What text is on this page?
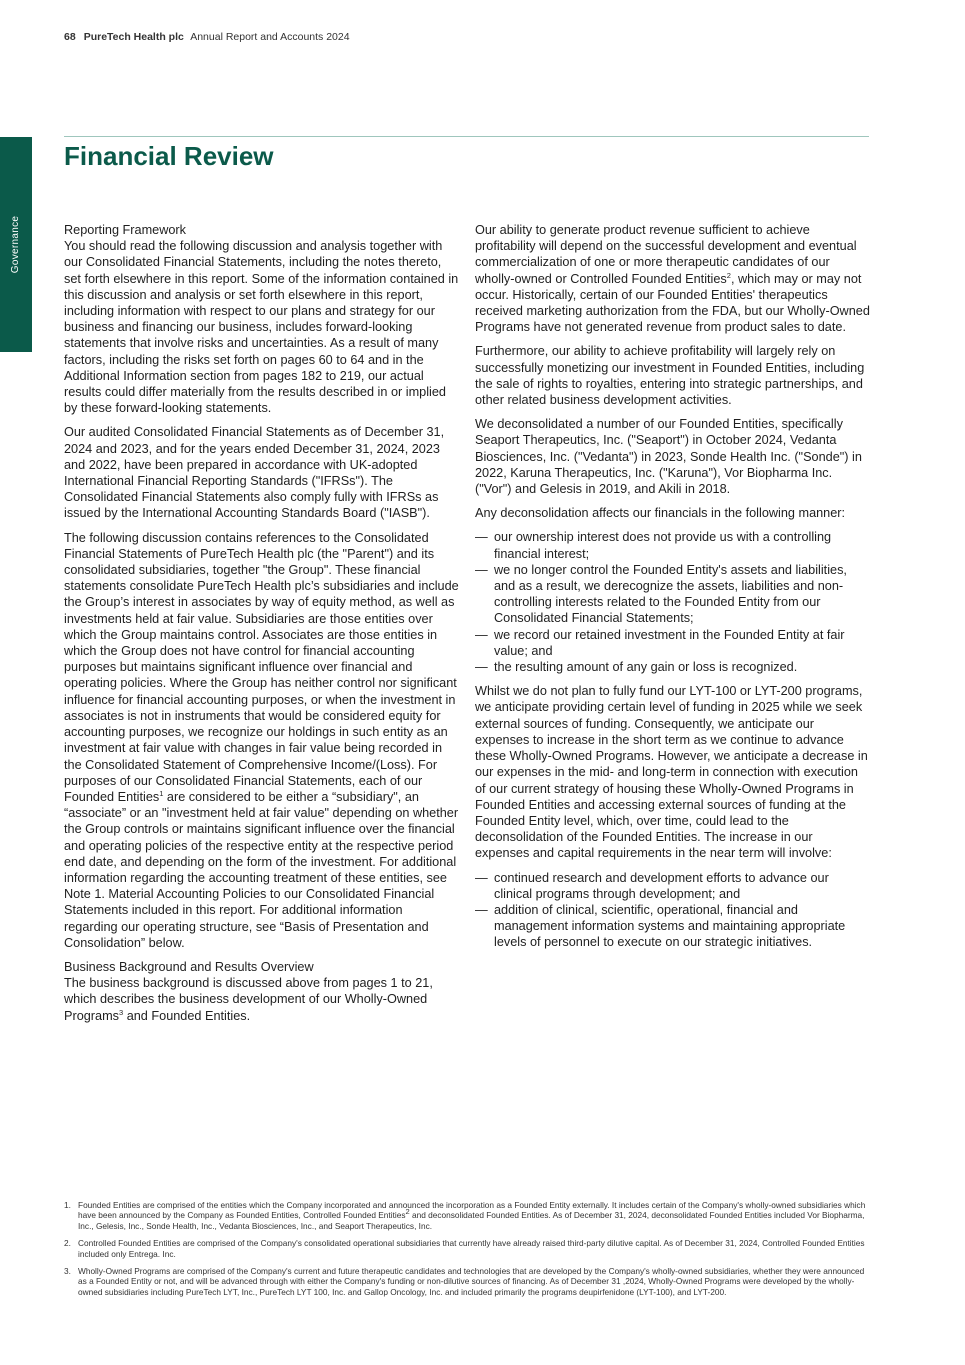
68 PureTech Health plc Annual Report and Accounts 2024
Governance
Financial Review
Reporting Framework

You should read the following discussion and analysis together with our Consolidated Financial Statements, including the notes thereto, set forth elsewhere in this report. Some of the information contained in this discussion and analysis or set forth elsewhere in this report, including information with respect to our plans and strategy for our business and financing our business, includes forward-looking statements that involve risks and uncertainties. As a result of many factors, including the risks set forth on pages 60 to 64 and in the Additional Information section from pages 182 to 219, our actual results could differ materially from the results described in or implied by these forward-looking statements.

Our audited Consolidated Financial Statements as of December 31, 2024 and 2023, and for the years ended December 31, 2024, 2023 and 2022, have been prepared in accordance with UK-adopted International Financial Reporting Standards ("IFRSs"). The Consolidated Financial Statements also comply fully with IFRSs as issued by the International Accounting Standards Board ("IASB").

The following discussion contains references to the Consolidated Financial Statements of PureTech Health plc (the "Parent") and its consolidated subsidiaries, together "the Group". These financial statements consolidate PureTech Health plc’s subsidiaries and include the Group’s interest in associates by way of equity method, as well as investments held at fair value. Subsidiaries are those entities over which the Group maintains control. Associates are those entities in which the Group does not have control for financial accounting purposes but maintains significant influence over financial and operating policies. Where the Group has neither control nor significant influence for financial accounting purposes, or when the investment in associates is not in instruments that would be considered equity for accounting purposes, we recognize our holdings in such entity as an investment at fair value with changes in fair value being recorded in the Consolidated Statement of Comprehensive Income/(Loss). For purposes of our Consolidated Financial Statements, each of our Founded Entities$^1$ are considered to be either a “subsidiary", an “associate” or an "investment held at fair value" depending on whether the Group controls or maintains significant influence over the financial and operating policies of the respective entity at the respective period end date, and depending on the form of the investment. For additional information regarding the accounting treatment of these entities, see Note 1. Material Accounting Policies to our Consolidated Financial Statements included in this report. For additional information regarding our operating structure, see “Basis of Presentation and Consolidation” below.

Business Background and Results Overview

The business background is discussed above from pages 1 to 21, which describes the business development of our Wholly-Owned Programs$^3$ and Founded Entities.

Our ability to generate product revenue sufficient to achieve profitability will depend on the successful development and eventual commercialization of one or more therapeutic candidates of our wholly-owned or Controlled Founded Entities$^2$, which may or may not occur. Historically, certain of our Founded Entities' therapeutics received marketing authorization from the FDA, but our Wholly-Owned Programs have not generated revenue from product sales to date.

Furthermore, our ability to achieve profitability will largely rely on successfully monetizing our investment in Founded Entities, including the sale of rights to royalties, entering into strategic partnerships, and other related business development activities.

We deconsolidated a number of our Founded Entities, specifically Seaport Therapeutics, Inc. ("Seaport") in October 2024, Vedanta Biosciences, Inc. ("Vedanta") in 2023, Sonde Health Inc. ("Sonde") in 2022, Karuna Therapeutics, Inc. ("Karuna"), Vor Biopharma Inc. ("Vor") and Gelesis in 2019, and Akili in 2018.

Any deconsolidation affects our financials in the following manner:

— our ownership interest does not provide us with a controlling financial interest;
— we no longer control the Founded Entity's assets and liabilities, and as a result, we derecognize the assets, liabilities and non-controlling interests related to the Founded Entity from our Consolidated Financial Statements;
— we record our retained investment in the Founded Entity at fair value; and
— the resulting amount of any gain or loss is recognized.

Whilst we do not plan to fully fund our LYT-100 or LYT-200 programs, we anticipate providing certain level of funding in 2025 while we seek external sources of funding. Consequently, we anticipate our expenses to increase in the short term as we continue to advance these Wholly-Owned Programs. However, we anticipate a decrease in our expenses in the mid- and long-term in connection with execution of our current strategy of housing these Wholly-Owned Programs in Founded Entities and accessing external sources of funding at the Founded Entity level, which, over time, could lead to the deconsolidation of the Founded Entities. The increase in our expenses and capital requirements in the near term will involve:

— continued research and development efforts to advance our clinical programs through development; and
— addition of clinical, scientific, operational, financial and management information systems and maintaining appropriate levels of personnel to execute on our strategic initiatives.
1. Founded Entities are comprised of the entities which the Company incorporated and announced the incorporation as a Founded Entity externally. It includes certain of the Company's wholly-owned subsidiaries which have been announced by the Company as Founded Entities, Controlled Founded Entities$^2$ and deconsolidated Founded Entities. As of December 31, 2024, deconsolidated Founded Entities included Vor Biopharma, Inc., Gelesis, Inc., Sonde Health, Inc., Vedanta Biosciences, Inc., and Seaport Therapeutics, Inc.
2. Controlled Founded Entities are comprised of the Company's consolidated operational subsidiaries that currently have already raised third-party dilutive capital. As of December 31, 2024, Controlled Founded Entities included only Entrega. Inc.
3. Wholly-Owned Programs are comprised of the Company's current and future therapeutic candidates and technologies that are developed by the Company's wholly-owned subsidiaries, whether they were announced as a Founded Entity or not, and will be advanced through with either the Company's funding or non-dilutive sources of financing. As of December 31 ,2024, Wholly-Owned Programs were developed by the wholly-owned subsidiaries including PureTech LYT, Inc., PureTech LYT 100, Inc. and Gallop Oncology, Inc. and included primarily the programs deupirfenidone (LYT-100), and LYT-200.
